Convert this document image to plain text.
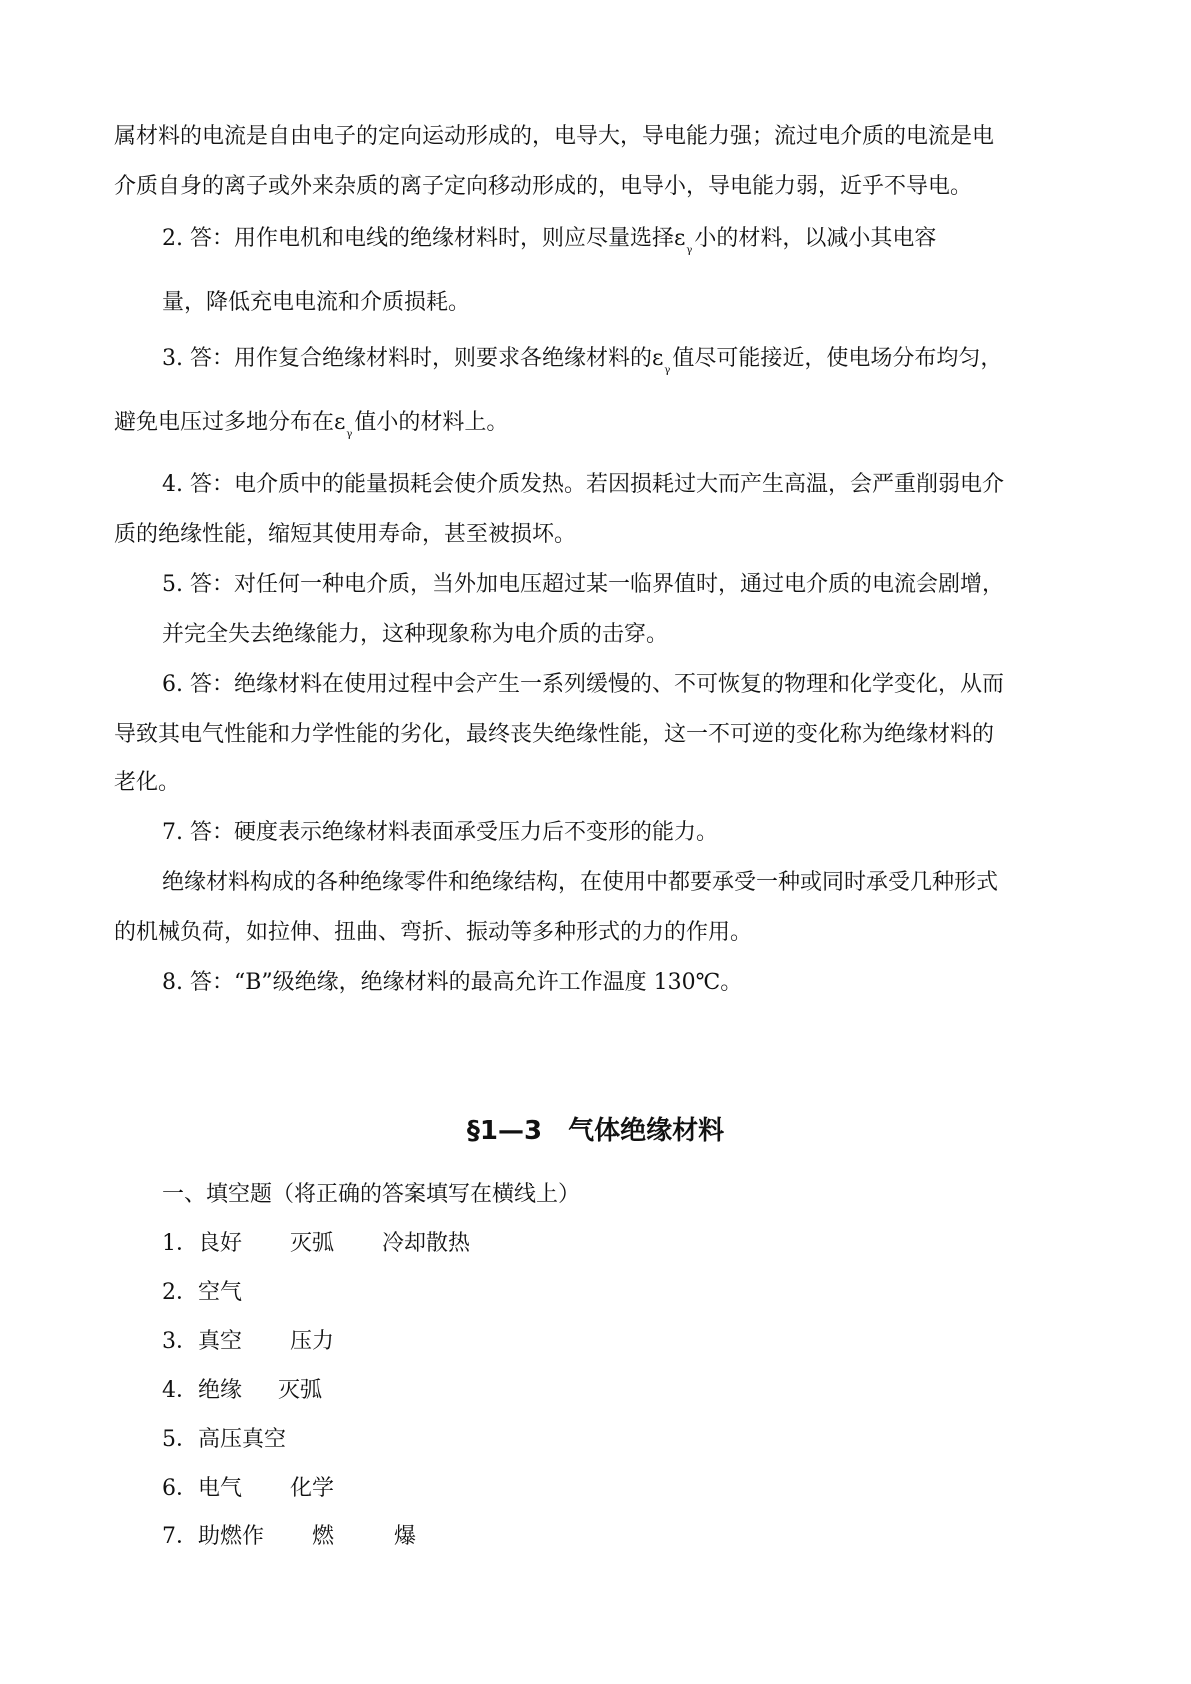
属材料的电流是自由电子的定向运动形成的，电导大，导电能力强；流过电介质的电流是电
介质自身的离子或外来杂质的离子定向移动形成的，电导小，导电能力弱，近乎不导电。
2. 答：用作电机和电线的绝缘材料时，则应尽量选择$\varepsilon_\gamma$小的材料，以减小其电容
量，降低充电电流和介质损耗。
3. 答：用作复合绝缘材料时，则要求各绝缘材料的$\varepsilon_\gamma$值尽可能接近，使电场分布均匀，
避免电压过多地分布在$\varepsilon_\gamma$值小的材料上。
4. 答：电介质中的能量损耗会使介质发热。若因损耗过大而产生高温，会严重削弱电介
质的绝缘性能，缩短其使用寿命，甚至被损坏。
5. 答：对任何一种电介质，当外加电压超过某一临界值时，通过电介质的电流会剧增，
并完全失去绝缘能力，这种现象称为电介质的击穿。
6. 答：绝缘材料在使用过程中会产生一系列缓慢的、不可恢复的物理和化学变化，从而
导致其电气性能和力学性能的劣化，最终丧失绝缘性能，这一不可逆的变化称为绝缘材料的
老化。
7. 答：硬度表示绝缘材料表面承受压力后不变形的能力。
绝缘材料构成的各种绝缘零件和绝缘结构，在使用中都要承受一种或同时承受几种形式
的机械负荷，如拉伸、扭曲、弯折、振动等多种形式的力的作用。
8. 答：“B”级绝缘，绝缘材料的最高允许工作温度 130℃。
§1—3　气体绝缘材料
一、填空题（将正确的答案填写在横线上）
1．良好 灭弧 冷却散热
2．空气
3．真空 压力
4．绝缘 灭弧
5．高压真空
6．电气 化学
7．助燃作 燃	爆
